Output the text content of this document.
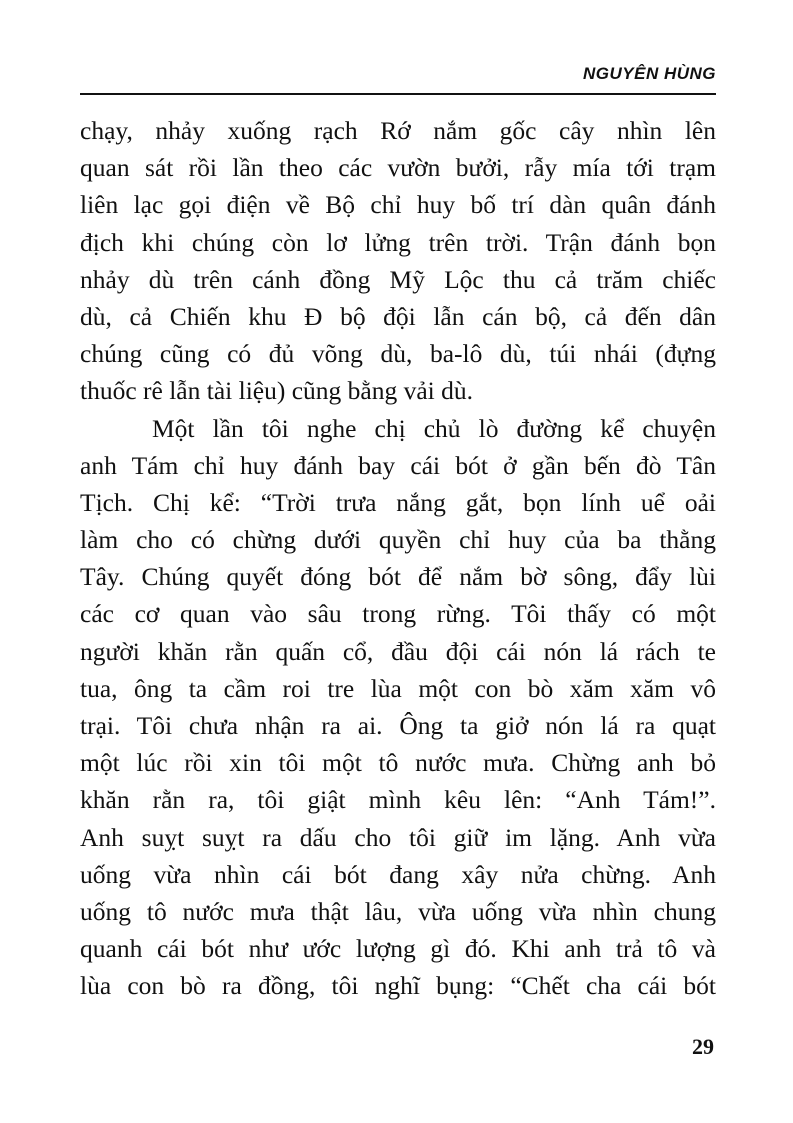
NGUYÊN HÙNG
chạy, nhảy xuống rạch Rớ nắm gốc cây nhìn lên
quan sát rồi lần theo các vườn bưởi, rẫy mía tới trạm
liên lạc gọi điện về Bộ chỉ huy bố trí dàn quân đánh
địch khi chúng còn lơ lửng trên trời. Trận đánh bọn
nhảy dù trên cánh đồng Mỹ Lộc thu cả trăm chiếc
dù, cả Chiến khu Đ bộ đội lẫn cán bộ, cả đến dân
chúng cũng có đủ võng dù, ba-lô dù, túi nhái (đựng
thuốc rê lẫn tài liệu) cũng bằng vải dù.
Một lần tôi nghe chị chủ lò đường kể chuyện
anh Tám chỉ huy đánh bay cái bót ở gần bến đò Tân
Tịch. Chị kể: “Trời trưa nắng gắt, bọn lính uể oải
làm cho có chừng dưới quyền chỉ huy của ba thằng
Tây. Chúng quyết đóng bót để nắm bờ sông, đẩy lùi
các cơ quan vào sâu trong rừng. Tôi thấy có một
người khăn rằn quấn cổ, đầu đội cái nón lá rách te
tua, ông ta cầm roi tre lùa một con bò xăm xăm vô
trại. Tôi chưa nhận ra ai. Ông ta giở nón lá ra quạt
một lúc rồi xin tôi một tô nước mưa. Chừng anh bỏ
khăn rằn ra, tôi giật mình kêu lên: “Anh Tám!”.
Anh suỵt suỵt ra dấu cho tôi giữ im lặng. Anh vừa
uống vừa nhìn cái bót đang xây nửa chừng. Anh
uống tô nước mưa thật lâu, vừa uống vừa nhìn chung
quanh cái bót như ước lượng gì đó. Khi anh trả tô và
lùa con bò ra đồng, tôi nghĩ bụng: “Chết cha cái bót
29
